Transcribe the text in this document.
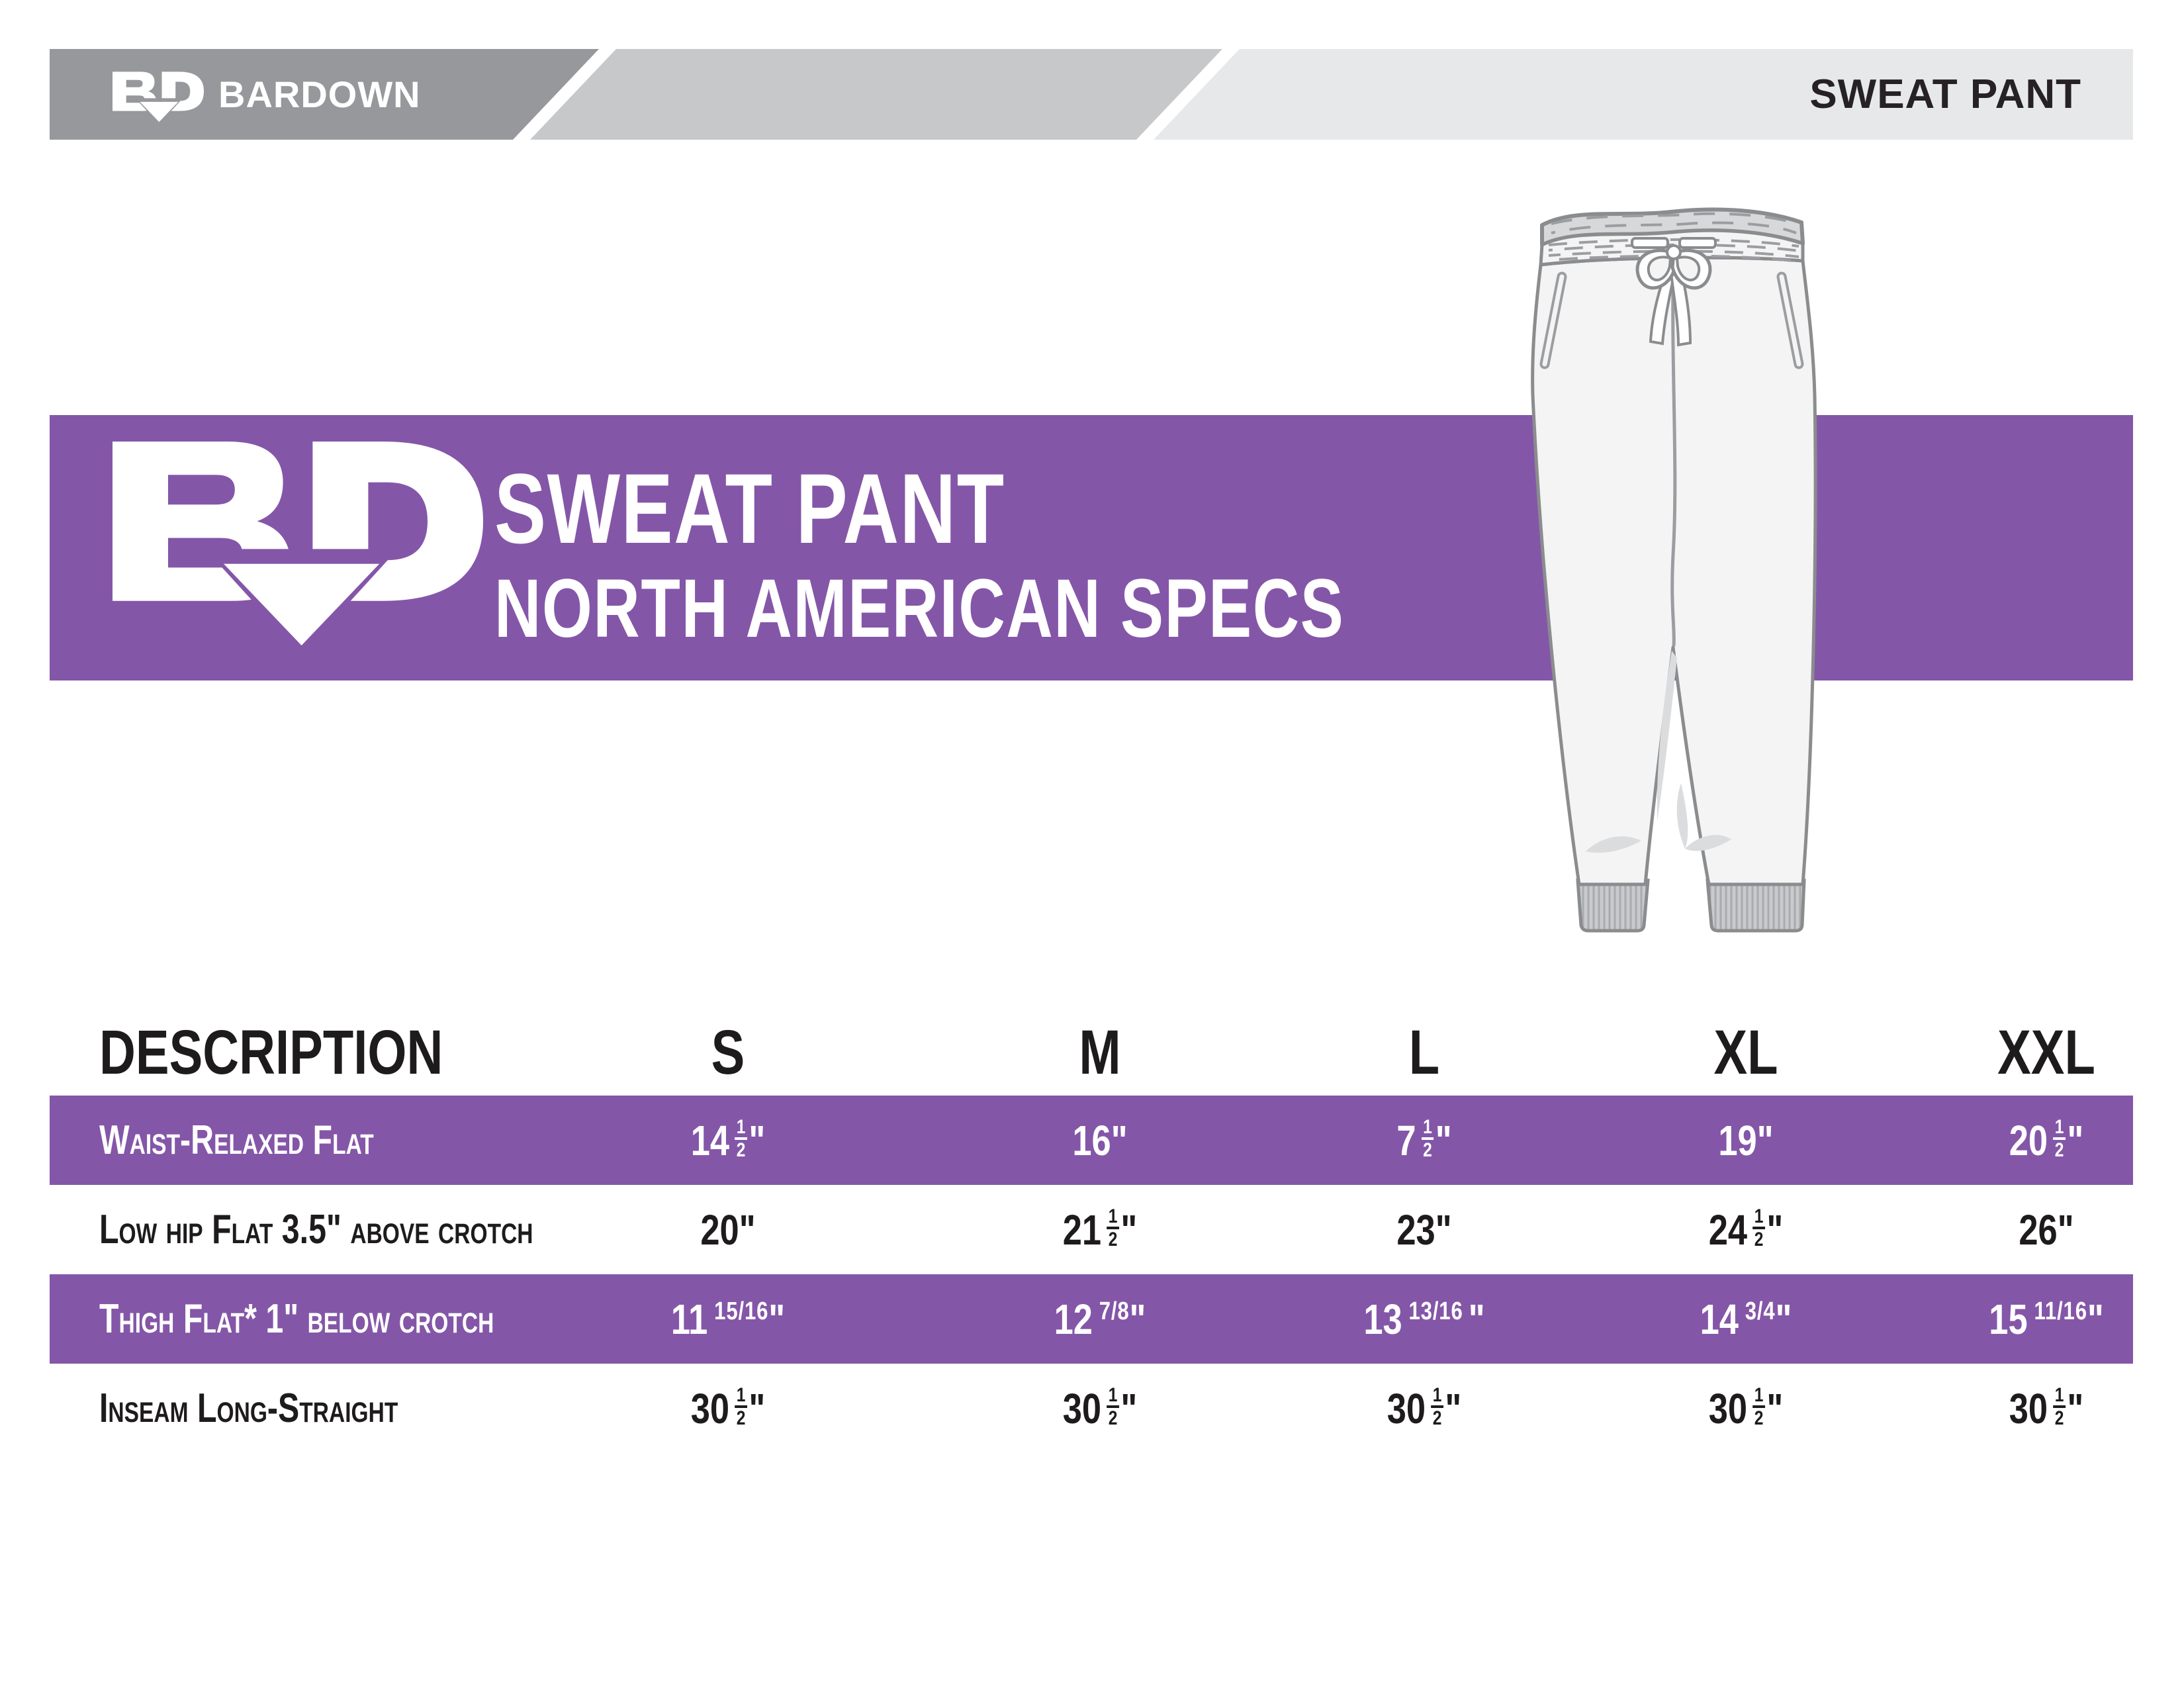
BARDOWN	SWEAT PANT
SWEAT PANT
NORTH AMERICAN SPECS
DESCRIPTION	S	M	L	XL	XXL
Waist-Relaxed Flat	$14 \frac{1}{2}$ "	16"	$7 \frac{1}{2}$ "	19"	$20 \frac{1}{2}$ "
Low hip Flat 3.5" above crotch	20"	$21 \frac{1}{2}$ "	23"	$24 \frac{1}{2}$ "	26"
Thigh Flat* 1" below crotch	11 $^{15/16}$"	12 $^{7/8}$"	13 $^{13/16}$ "	14 $^{3/4}$"	15 $^{11/16}$"
Inseam Long-Straight	$30 \frac{1}{2}$ "	$30 \frac{1}{2}$ "	$30 \frac{1}{2}$ "	$30 \frac{1}{2}$ "	$30 \frac{1}{2}$ "
